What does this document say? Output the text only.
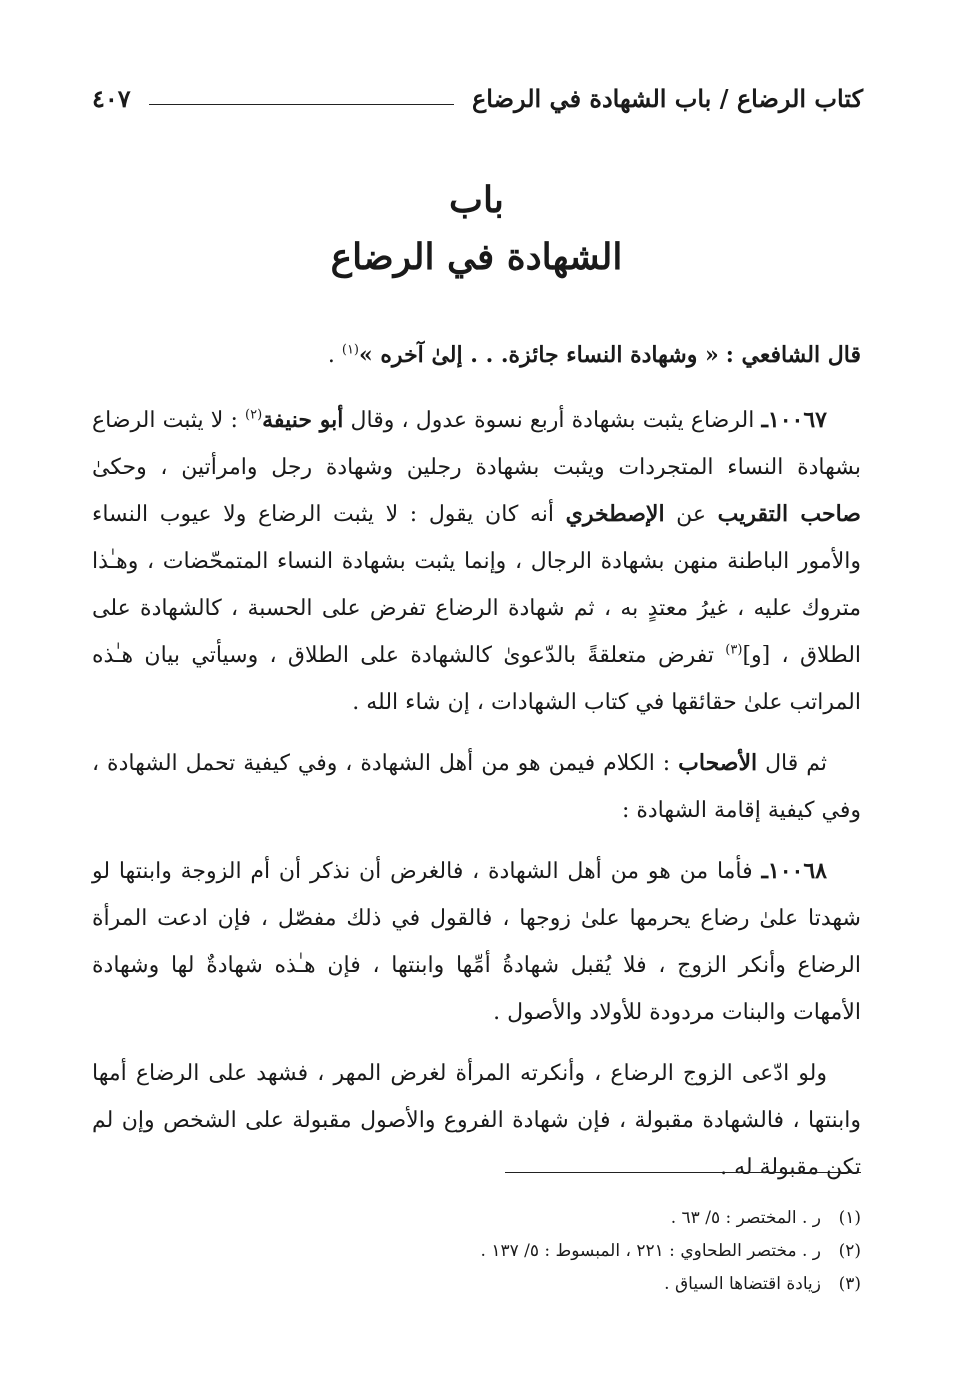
كتاب الرضاع / باب الشهادة في الرضاع
٤٠٧
باب
الشهادة في الرضاع

قال الشافعي : « وشهادة النساء جائزة. . . إلىٰ آخره »$^{(١)}$ .

١٠٠٦٧ـ الرضاع يثبت بشهادة أربع نسوة عدول ، وقال أبو حنيفة$^{(٢)}$ : لا يثبت الرضاع بشهادة النساء المتجردات ويثبت بشهادة رجلين وشهادة رجل وامرأتين ، وحكىٰ صاحب التقريب عن الإصطخري أنه كان يقول : لا يثبت الرضاع ولا عيوب النساء والأمور الباطنة منهن بشهادة الرجال ، وإنما يثبت بشهادة النساء المتمحّضات ، وهـٰذا متروك عليه ، غيرُ معتدٍ به ، ثم شهادة الرضاع تفرض على الحسبة ، كالشهادة على الطلاق ، [و]$^{(٣)}$ تفرض متعلقةً بالدّعوىٰ كالشهادة على الطلاق ، وسيأتي بيان هـٰذه المراتب علىٰ حقائقها في كتاب الشهادات ، إن شاء الله .

ثم قال الأصحاب : الكلام فيمن هو من أهل الشهادة ، وفي كيفية تحمل الشهادة ، وفي كيفية إقامة الشهادة :

١٠٠٦٨ـ فأما من هو من أهل الشهادة ، فالغرض أن نذكر أن أم الزوجة وابنتها لو شهدتا علىٰ رضاع يحرمها علىٰ زوجها ، فالقول في ذلك مفصّل ، فإن ادعت المرأة الرضاع وأنكر الزوج ، فلا يُقبل شهادةُ أمِّها وابنتها ، فإن هـٰذه شهادةٌ لها وشهادة الأمهات والبنات مردودة للأولاد والأصول .

ولو ادّعى الزوج الرضاع ، وأنكرته المرأة لغرض المهر ، فشهد على الرضاع أمها وابنتها ، فالشهادة مقبولة ، فإن شهادة الفروع والأصول مقبولة على الشخص وإن لم تكن مقبولة له .

(١)
ر . المختصر : ٥/ ٦٣ .
(٢)
ر . مختصر الطحاوي : ٢٢١ ، المبسوط : ٥/ ١٣٧ .
(٣)
زيادة اقتضاها السياق .
